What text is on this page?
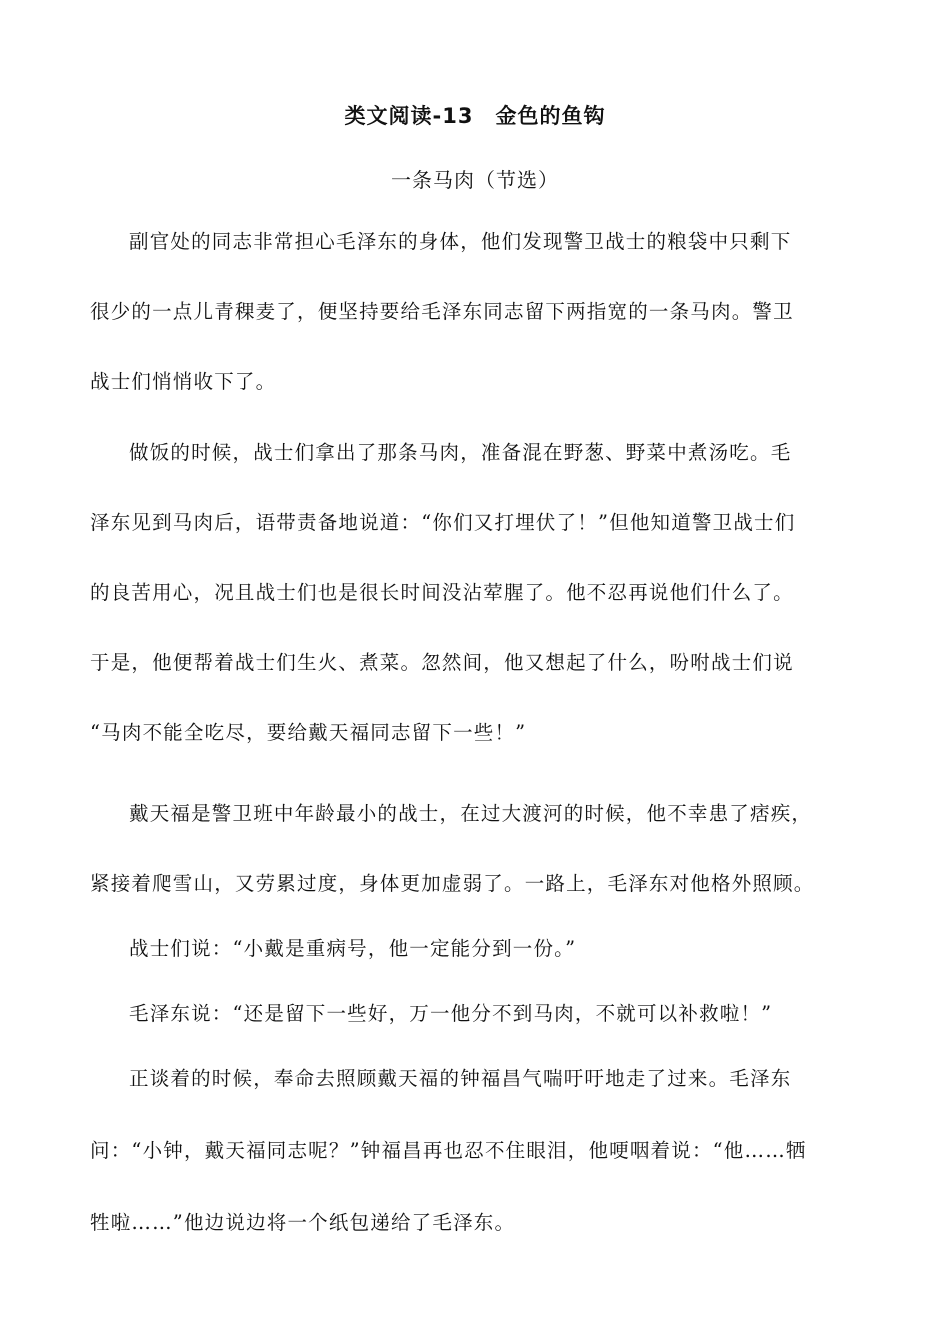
类文阅读-13　金色的鱼钩
一条马肉（节选）
副官处的同志非常担心毛泽东的身体，他们发现警卫战士的粮袋中只剩下
很少的一点儿青稞麦了，便坚持要给毛泽东同志留下两指宽的一条马肉。警卫
战士们悄悄收下了。
做饭的时候，战士们拿出了那条马肉，准备混在野葱、野菜中煮汤吃。毛
泽东见到马肉后，语带责备地说道：“你们又打埋伏了！”但他知道警卫战士们
的良苦用心，况且战士们也是很长时间没沾荤腥了。他不忍再说他们什么了。
于是，他便帮着战士们生火、煮菜。忽然间，他又想起了什么，吩咐战士们说
“马肉不能全吃尽，要给戴天福同志留下一些！”
戴天福是警卫班中年龄最小的战士，在过大渡河的时候，他不幸患了痞疾，
紧接着爬雪山，又劳累过度，身体更加虚弱了。一路上，毛泽东对他格外照顾。
战士们说：“小戴是重病号，他一定能分到一份。”
毛泽东说：“还是留下一些好，万一他分不到马肉，不就可以补救啦！”
正谈着的时候，奉命去照顾戴天福的钟福昌气喘吁吁地走了过来。毛泽东
问：“小钟，戴天福同志呢？”钟福昌再也忍不住眼泪，他哽咽着说：“他……牺
牲啦……”他边说边将一个纸包递给了毛泽东。
